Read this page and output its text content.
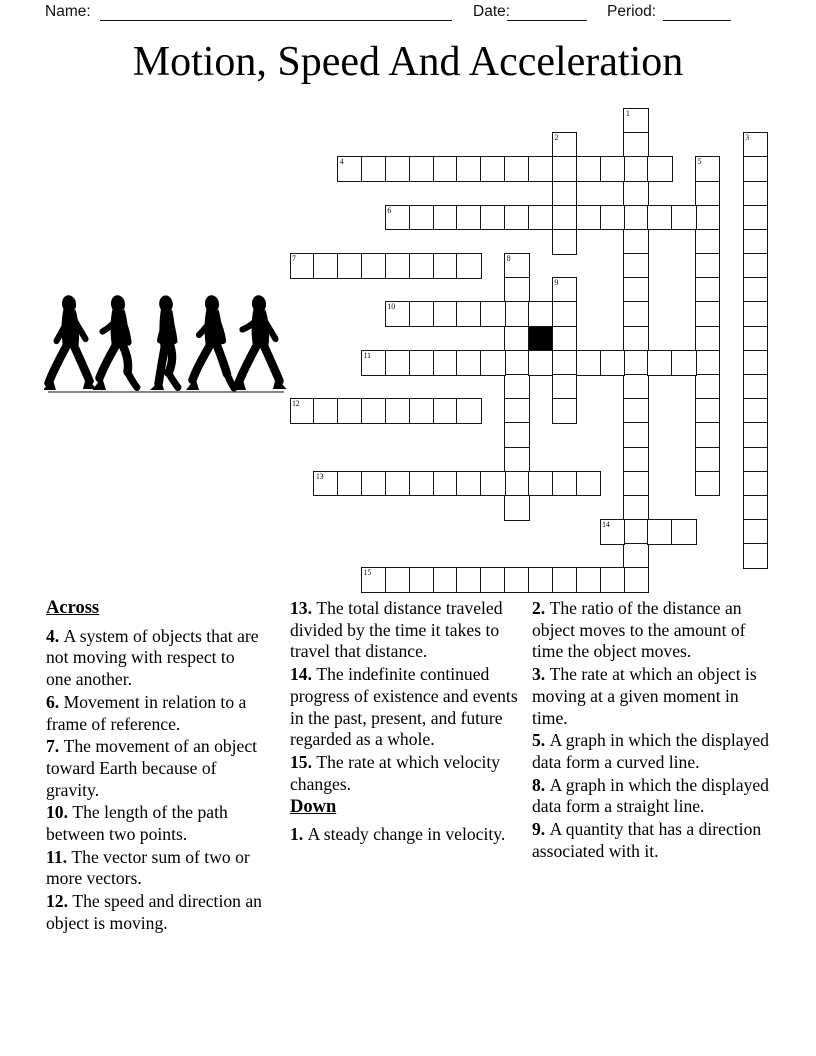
Name:	Date:	Period:
Motion, Speed And Acceleration
1
2	3
4	5
6
7	8
9
10
11
12
13
14
15
Across

4. A system of objects that are not moving with respect to one another.

6. Movement in relation to a frame of reference.

7. The movement of an object toward Earth because of gravity.

10. The length of the path between two points.

11. The vector sum of two or more vectors.

12. The speed and direction an object is moving.

13. The total distance traveled divided by the time it takes to travel that distance.

14. The indefinite continued progress of existence and events in the past, present, and future regarded as a whole.

15. The rate at which velocity changes.

Down

1. A steady change in velocity.

2. The ratio of the distance an object moves to the amount of time the object moves.

3. The rate at which an object is moving at a given moment in time.

5. A graph in which the displayed data form a curved line.

8. A graph in which the displayed data form a straight line.

9. A quantity that has a direction associated with it.
